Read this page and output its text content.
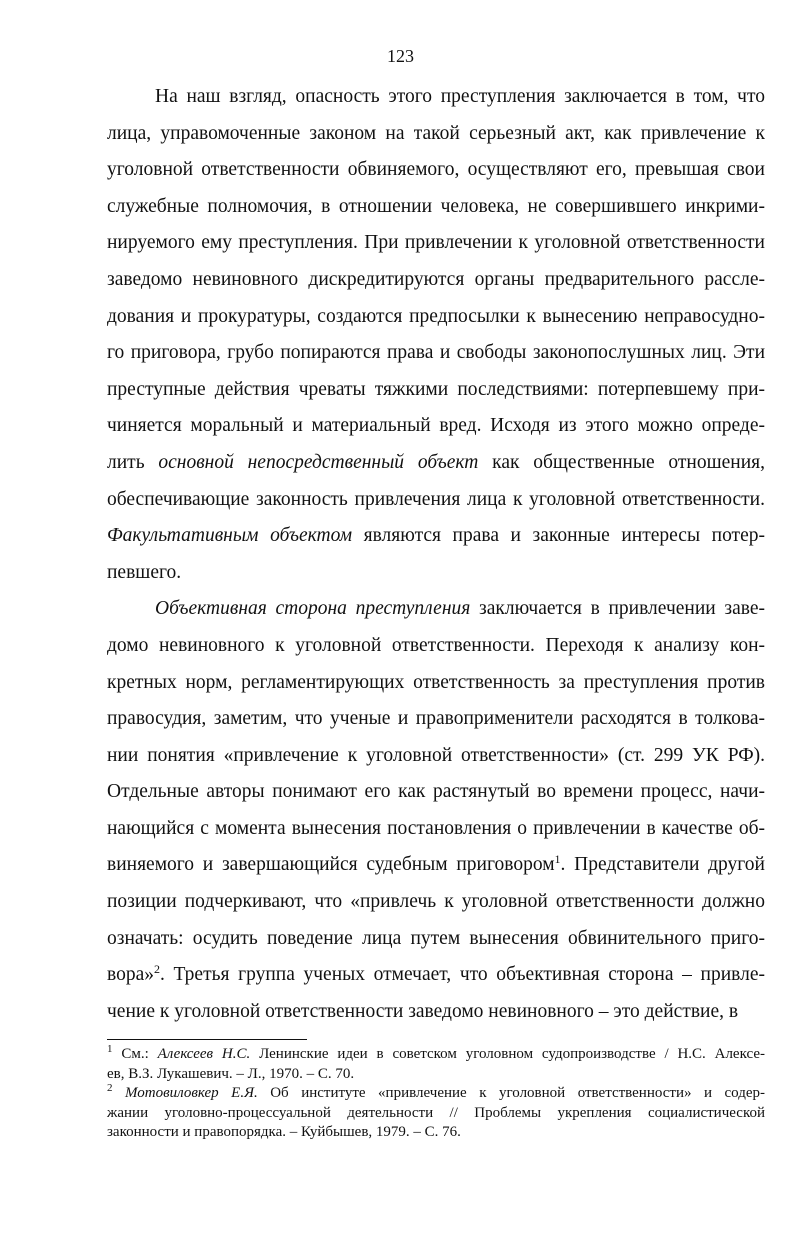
123
На наш взгляд, опасность этого преступления заключается в том, что
лица, управомоченные законом на такой серьезный акт, как привлечение к
уголовной ответственности обвиняемого, осуществляют его, превышая свои
служебные полномочия, в отношении человека, не совершившего инкрими-
нируемого ему преступления. При привлечении к уголовной ответственности
заведомо невиновного дискредитируются органы предварительного рассле-
дования и прокуратуры, создаются предпосылки к вынесению неправосудно-
го приговора, грубо попираются права и свободы законопослушных лиц. Эти
преступные действия чреваты тяжкими последствиями: потерпевшему при-
чиняется моральный и материальный вред. Исходя из этого можно опреде-
лить основной непосредственный объект как общественные отношения,
обеспечивающие законность привлечения лица к уголовной ответственности.
Факультативным объектом являются права и законные интересы потер-
певшего.
Объективная сторона преступления заключается в привлечении заве-
домо невиновного к уголовной ответственности. Переходя к анализу кон-
кретных норм, регламентирующих ответственность за преступления против
правосудия, заметим, что ученые и правоприменители расходятся в толкова-
нии понятия «привлечение к уголовной ответственности» (ст. 299 УК РФ).
Отдельные авторы понимают его как растянутый во времени процесс, начи-
нающийся с момента вынесения постановления о привлечении в качестве об-
виняемого и завершающийся судебным приговором$^1$. Представители другой
позиции подчеркивают, что «привлечь к уголовной ответственности должно
означать: осудить поведение лица путем вынесения обвинительного приго-
вора»$^2$. Третья группа ученых отмечает, что объективная сторона – привле-
чение к уголовной ответственности заведомо невиновного – это действие, в
$^1$ См.: Алексеев Н.С. Ленинские идеи в советском уголовном судопроизводстве / Н.С. Алексе-
ев, В.З. Лукашевич. – Л., 1970. – С. 70.
$^2$ Мотовиловкер Е.Я. Об институте «привлечение к уголовной ответственности» и содер-
жании уголовно-процессуальной деятельности // Проблемы укрепления социалистической
законности и правопорядка. – Куйбышев, 1979. – С. 76.
